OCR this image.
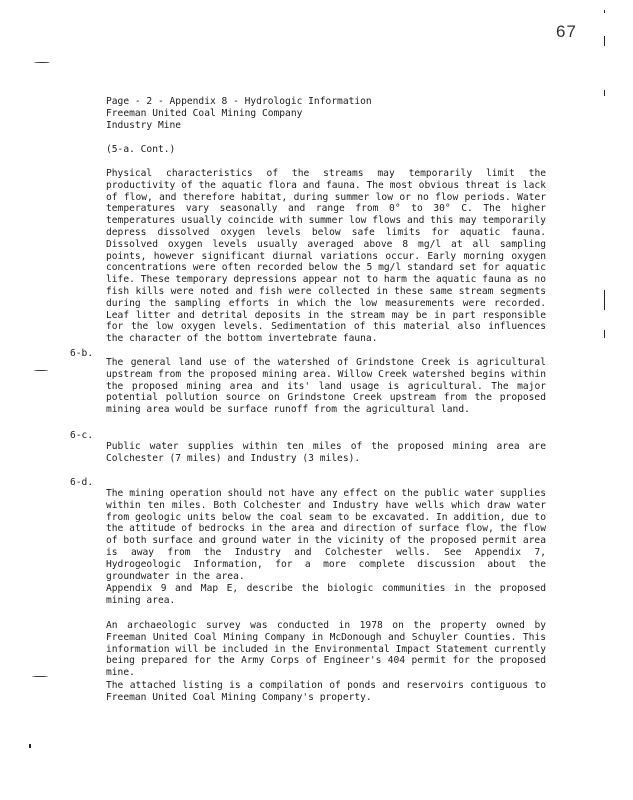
67
Page - 2 - Appendix 8 - Hydrologic Information
Freeman United Coal Mining Company
Industry Mine
(5-a. Cont.)
Physical characteristics of the streams may temporarily limit the productivity of the aquatic flora and fauna. The most obvious threat is lack of flow, and therefore habitat, during summer low or no flow periods. Water temperatures vary seasonally and range from 0° to 30° C. The higher temperatures usually coincide with summer low flows and this may temporarily depress dissolved oxygen levels below safe limits for aquatic fauna. Dissolved oxygen levels usually averaged above 8 mg/l at all sampling points, however significant diurnal variations occur. Early morning oxygen concentrations were often recorded below the 5 mg/l standard set for aquatic life. These temporary depressions appear not to harm the aquatic fauna as no fish kills were noted and fish were collected in these same stream segments during the sampling efforts in which the low measurements were recorded. Leaf litter and detrital deposits in the stream may be in part responsible for the low oxygen levels. Sedimentation of this material also influences the character of the bottom invertebrate fauna.
6-b.
The general land use of the watershed of Grindstone Creek is agricultural upstream from the proposed mining area. Willow Creek watershed begins within the proposed mining area and its' land usage is agricultural. The major potential pollution source on Grindstone Creek upstream from the proposed mining area would be surface runoff from the agricultural land.
6-c.
Public water supplies within ten miles of the proposed mining area are Colchester (7 miles) and Industry (3 miles).
6-d.
The mining operation should not have any effect on the public water supplies within ten miles. Both Colchester and Industry have wells which draw water from geologic units below the coal seam to be excavated. In addition, due to the attitude of bedrocks in the area and direction of surface flow, the flow of both surface and ground water in the vicinity of the proposed permit area is away from the Industry and Colchester wells. See Appendix 7, Hydrogeologic Information, for a more complete discussion about the groundwater in the area.
Appendix 9 and Map E, describe the biologic communities in the proposed mining area.
An archaeologic survey was conducted in 1978 on the property owned by Freeman United Coal Mining Company in McDonough and Schuyler Counties. This information will be included in the Environmental Impact Statement currently being prepared for the Army Corps of Engineer's 404 permit for the proposed mine.
The attached listing is a compilation of ponds and reservoirs contiguous to Freeman United Coal Mining Company's property.
